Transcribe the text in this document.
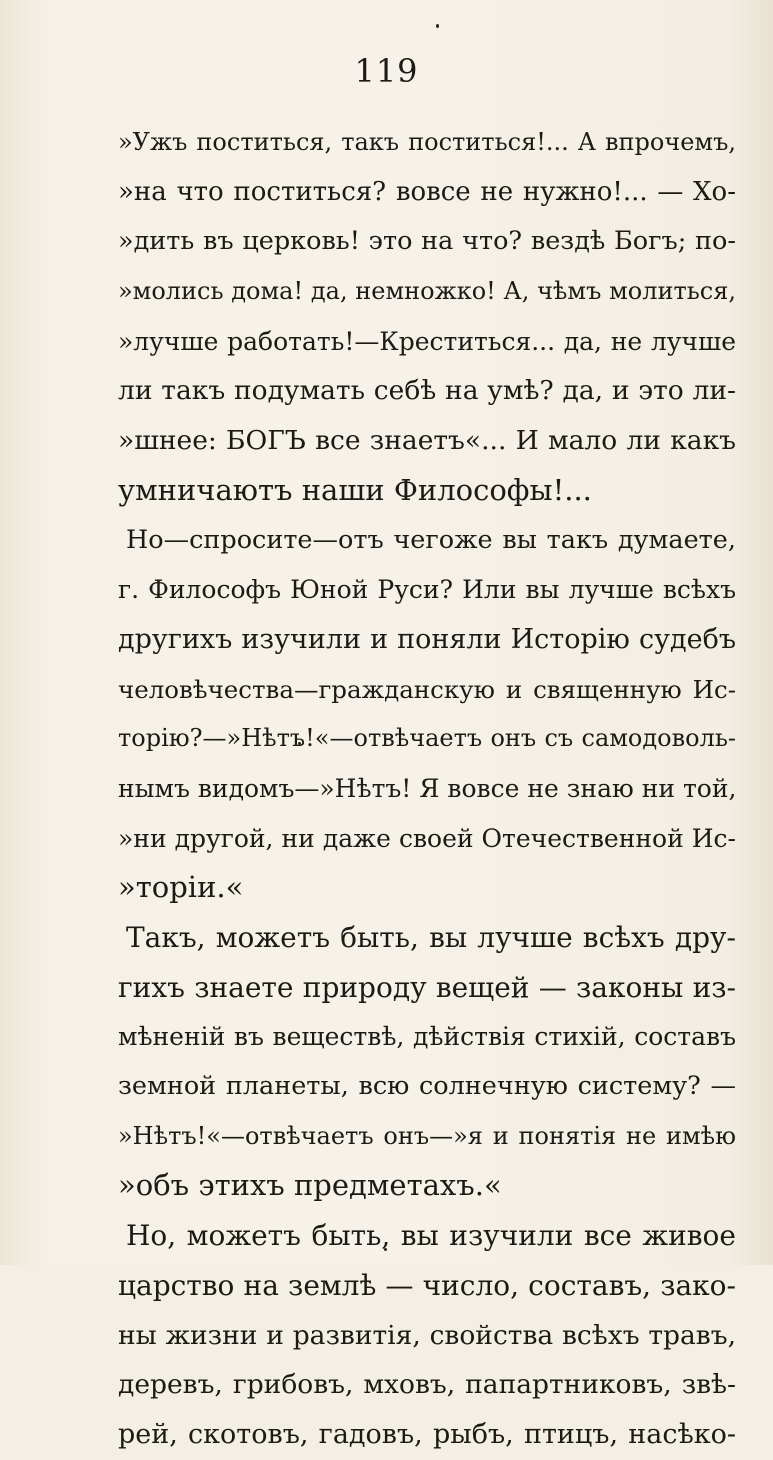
119
»Ужъ поститься, такъ поститься!... А впрочемъ,
»на что поститься? вовсе не нужно!... — Хо-
»дить въ церковь! это на что? вездѣ Богъ; по-
»молись дома! да, немножко! А, чѣмъ молиться,
»лучше работать!—Креститься... да, не лучше
ли такъ подумать себѣ на умѣ? да, и это ли-
»шнее: БОГЪ все знаетъ«... И мало ли какъ
умничаютъ наши Философы!...
Но—спросите—отъ чегоже вы такъ думаете,
г. Философъ Юной Руси? Или вы лучше всѣхъ
другихъ изучили и поняли Исторію судебъ
человѣчества—гражданскую и священную Ис-
торію?—»Нѣтъ!«—отвѣчаетъ онъ съ самодоволь-
нымъ видомъ—»Нѣтъ! Я вовсе не знаю ни той,
»ни другой, ни даже своей Отечественной Ис-
»торіи.«
Такъ, можетъ быть, вы лучше всѣхъ дру-
гихъ знаете природу вещей — законы из-
мѣненій въ веществѣ, дѣйствія стихій, составъ
земной планеты, всю солнечную систему? —
»Нѣтъ!«—отвѣчаетъ онъ—»я и понятія не имѣю
»объ этихъ предметахъ.«
Но, можетъ быть, вы изучили все живое
царство на землѣ — число, составъ, зако-
ны жизни и развитія, свойства всѣхъ травъ,
деревъ, грибовъ, мховъ, папартниковъ, звѣ-
рей, скотовъ, гадовъ, рыбъ, птицъ, насѣко-
